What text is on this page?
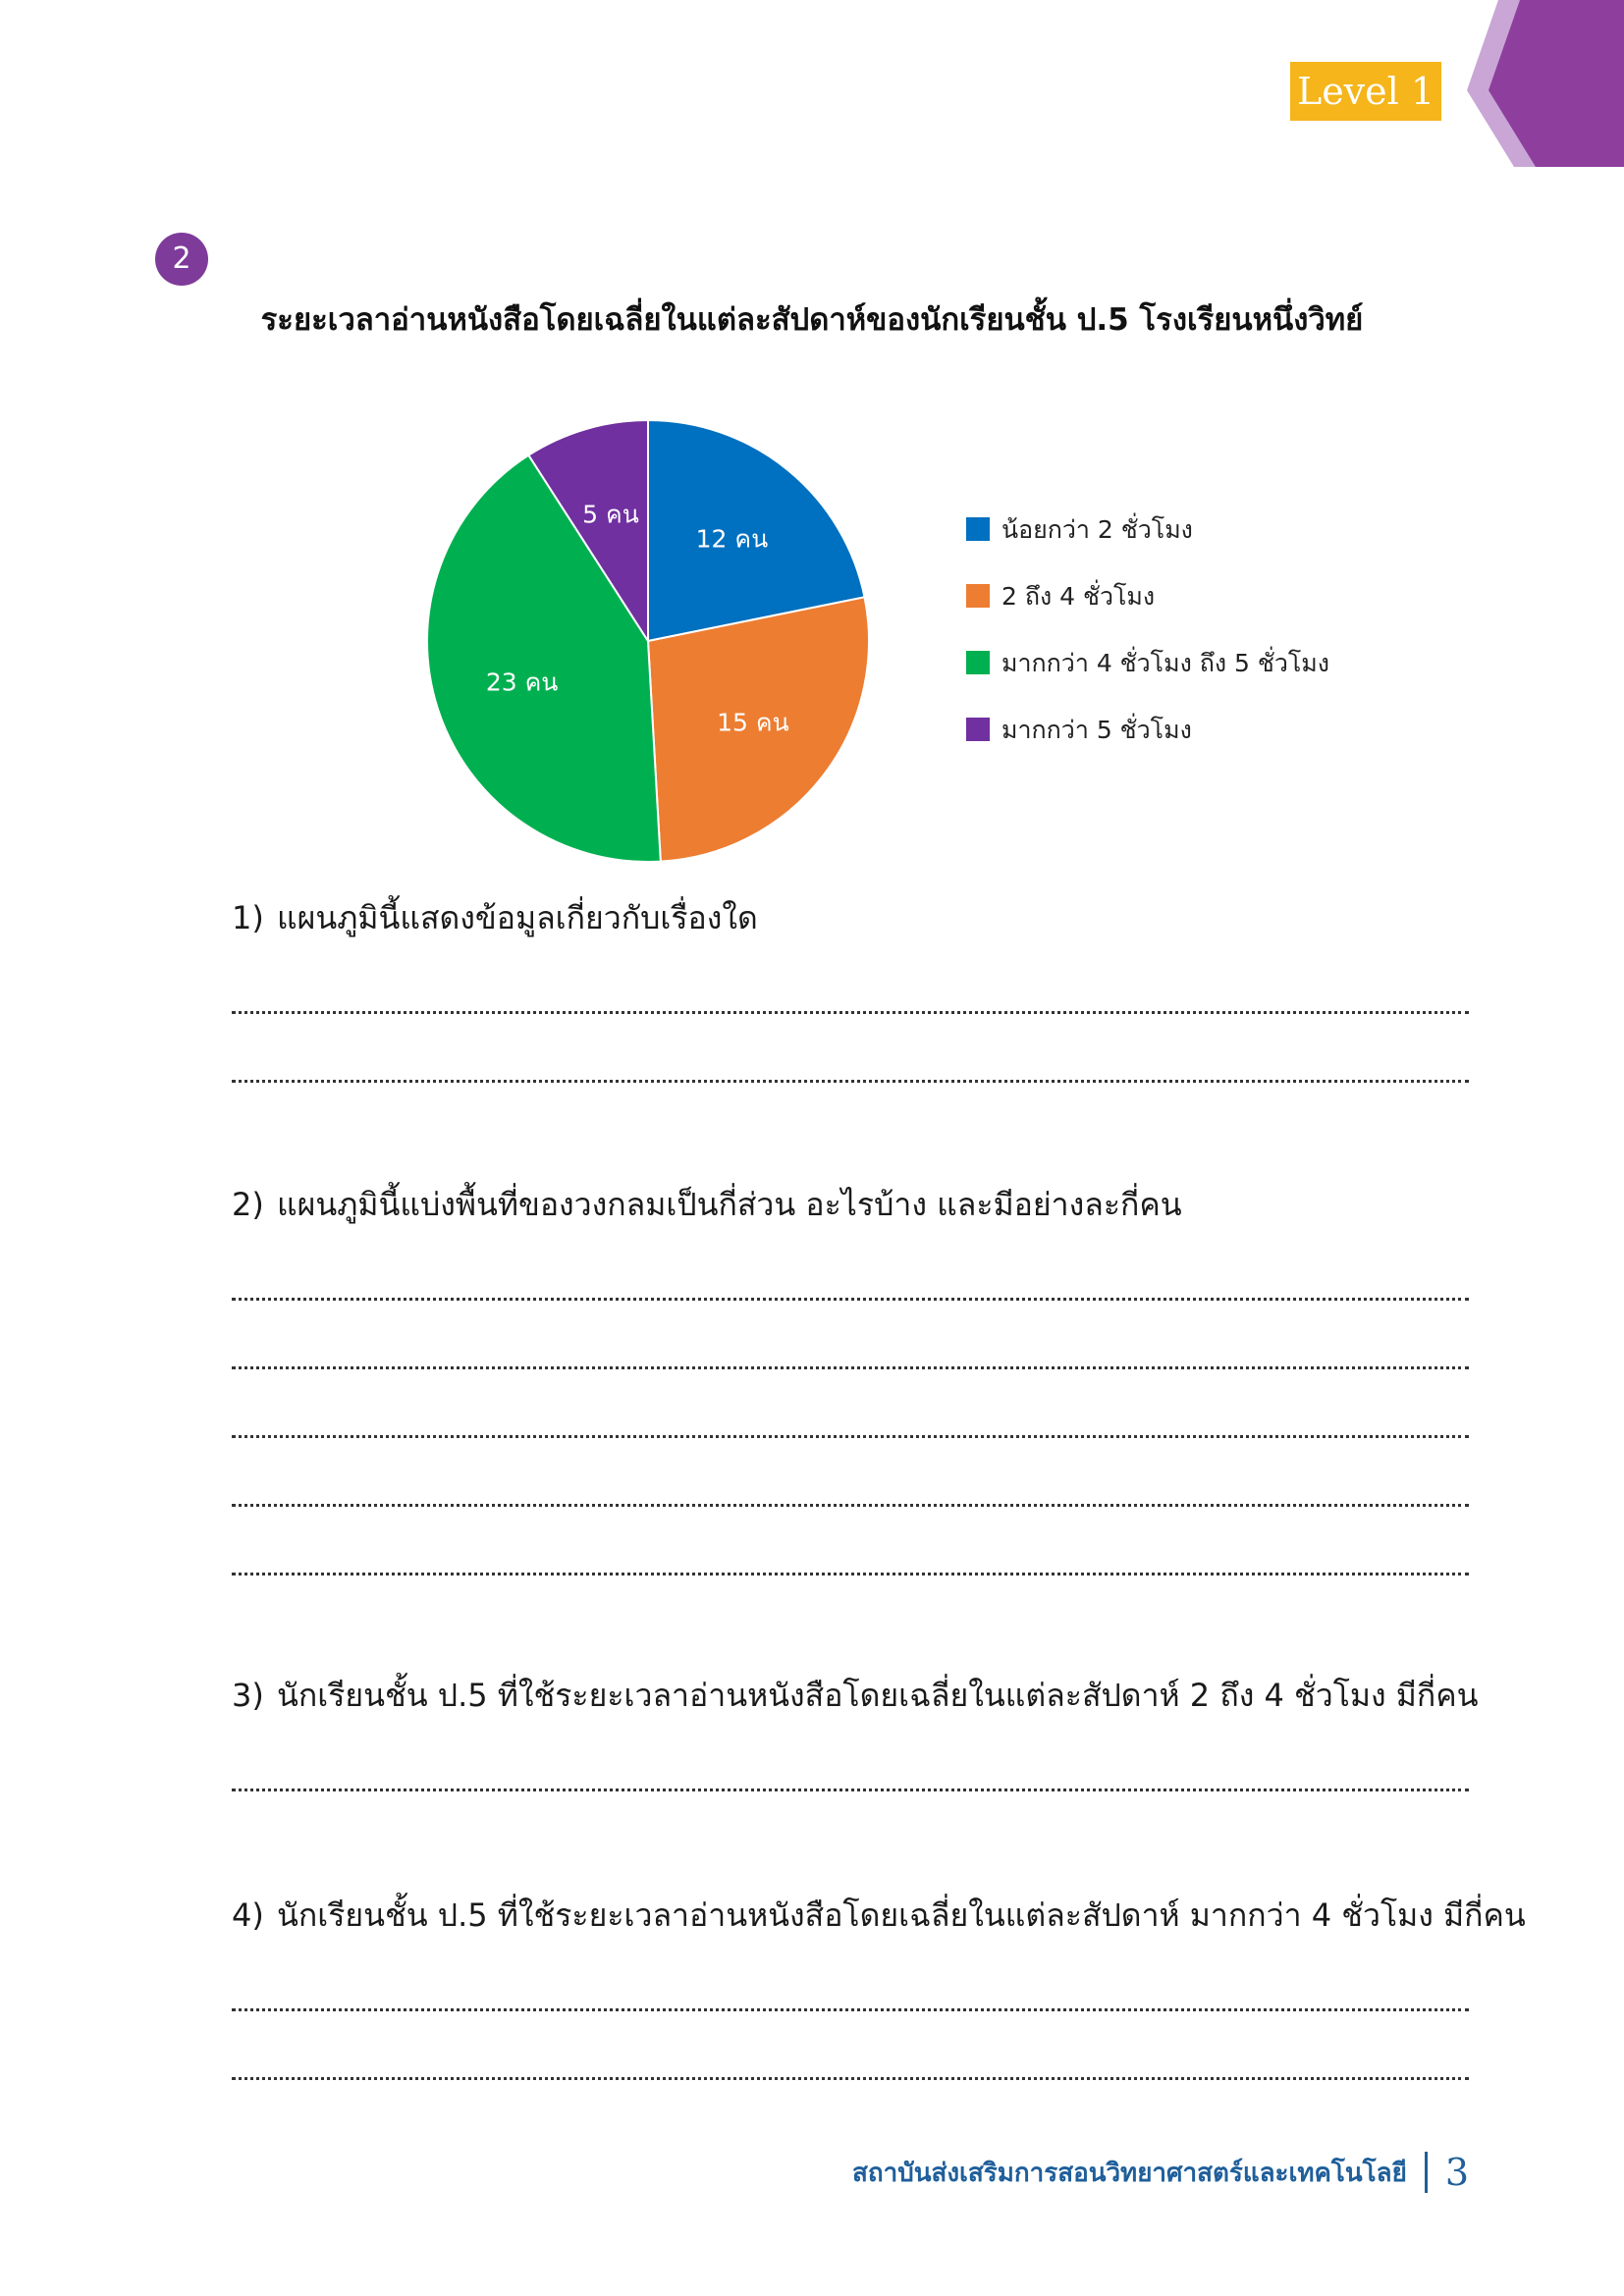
Level 1
2
ระยะเวลาอ่านหนังสือโดยเฉลี่ยในแต่ละสัปดาห์ของนักเรียนชั้น ป.5 โรงเรียนหนึ่งวิทย์
12 คน
15 คน
23 คน
5 คน
น้อยกว่า 2 ชั่วโมง
2 ถึง 4 ชั่วโมง
มากกว่า 4 ชั่วโมง ถึง 5 ชั่วโมง
มากกว่า 5 ชั่วโมง
1) แผนภูมินี้แสดงข้อมูลเกี่ยวกับเรื่องใด
2) แผนภูมินี้แบ่งพื้นที่ของวงกลมเป็นกี่ส่วน อะไรบ้าง และมีอย่างละกี่คน
3) นักเรียนชั้น ป.5 ที่ใช้ระยะเวลาอ่านหนังสือโดยเฉลี่ยในแต่ละสัปดาห์ 2 ถึง 4 ชั่วโมง มีกี่คน
4) นักเรียนชั้น ป.5 ที่ใช้ระยะเวลาอ่านหนังสือโดยเฉลี่ยในแต่ละสัปดาห์ มากกว่า 4 ชั่วโมง มีกี่คน
สถาบันส่งเสริมการสอนวิทยาศาสตร์และเทคโนโลยี 3
